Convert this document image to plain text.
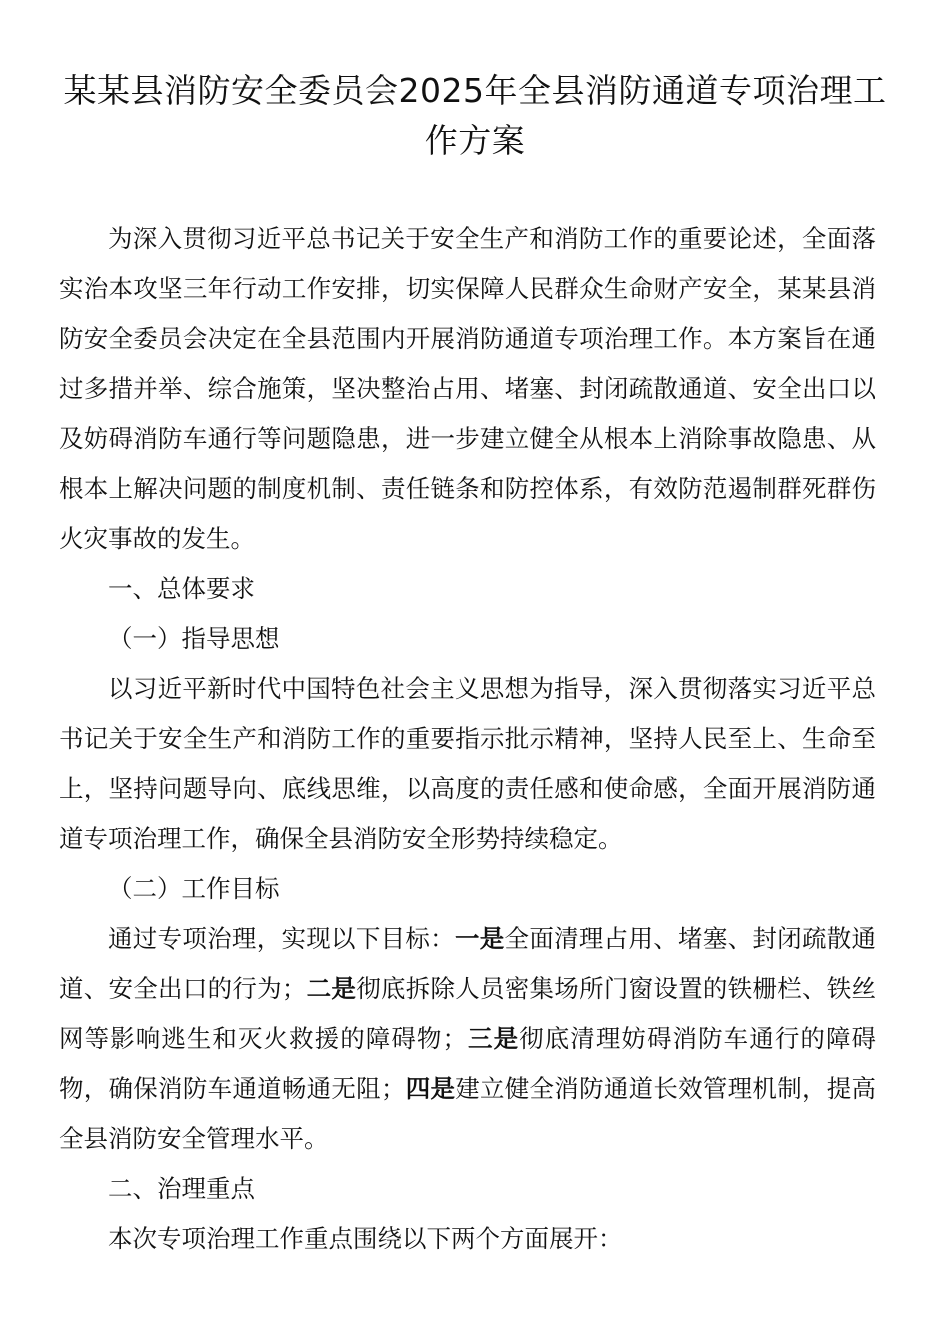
某某县消防安全委员会2025年全县消防通道专项治理工作方案

为深入贯彻习近平总书记关于安全生产和消防工作的重要论述，全面落实治本攻坚三年行动工作安排，切实保障人民群众生命财产安全，某某县消防安全委员会决定在全县范围内开展消防通道专项治理工作。本方案旨在通过多措并举、综合施策，坚决整治占用、堵塞、封闭疏散通道、安全出口以及妨碍消防车通行等问题隐患，进一步建立健全从根本上消除事故隐患、从根本上解决问题的制度机制、责任链条和防控体系，有效防范遏制群死群伤火灾事故的发生。

一、总体要求

（一）指导思想

以习近平新时代中国特色社会主义思想为指导，深入贯彻落实习近平总书记关于安全生产和消防工作的重要指示批示精神，坚持人民至上、生命至上，坚持问题导向、底线思维，以高度的责任感和使命感，全面开展消防通道专项治理工作，确保全县消防安全形势持续稳定。

（二）工作目标

通过专项治理，实现以下目标：一是全面清理占用、堵塞、封闭疏散通道、安全出口的行为；二是彻底拆除人员密集场所门窗设置的铁栅栏、铁丝网等影响逃生和灭火救援的障碍物；三是彻底清理妨碍消防车通行的障碍物，确保消防车通道畅通无阻；四是建立健全消防通道长效管理机制，提高全县消防安全管理水平。

二、治理重点

本次专项治理工作重点围绕以下两个方面展开：
